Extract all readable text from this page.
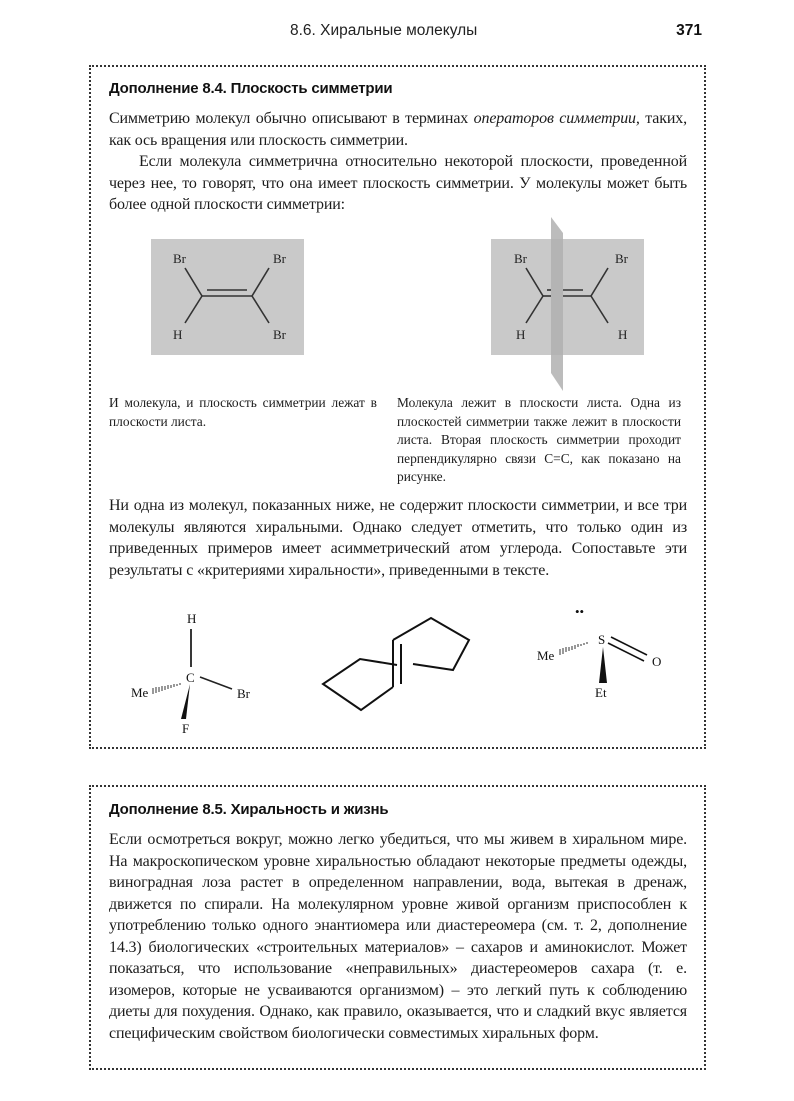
8.6. Хиральные молекулы	371
Дополнение 8.4. Плоскость симметрии
Симметрию молекул обычно описывают в терминах операторов симметрии, таких, как ось вращения или плоскость симметрии.
Если молекула симметрична относительно некоторой плоскости, проведенной через нее, то говорят, что она имеет плоскость симметрии. У молекулы может быть более одной плоскости симметрии:
Br	Br
H	Br
Br	Br
H	H
И молекула, и плоскость симметрии лежат в плоскости листа.
Молекула лежит в плоскости листа. Одна из плоскостей симметрии также лежит в плоскости листа. Вторая плоскость симметрии проходит перпендикулярно связи C=C, как показано на рисунке.
Ни одна из молекул, показанных ниже, не содержит плоскости симметрии, и все три молекулы являются хиральными. Однако следует отметить, что только один из приведенных примеров имеет асимметрический атом углерода. Сопоставьте эти результаты с «критериями хиральности», приведенными в тексте.
H
C
Me	Br
F
••
S
Me	O
Et
Дополнение 8.5. Хиральность и жизнь
Если осмотреться вокруг, можно легко убедиться, что мы живем в хиральном мире. На макроскопическом уровне хиральностью обладают некоторые предметы одежды, виноградная лоза растет в определенном направлении, вода, вытекая в дренаж, движется по спирали. На молекулярном уровне живой организм приспособлен к употреблению только одного энантиомера или диастереомера (см. т. 2, дополнение 14.3) биологических «строительных материалов» – сахаров и аминокислот. Может показаться, что использование «неправильных» диастереомеров сахара (т. е. изомеров, которые не усваиваются организмом) – это легкий путь к соблюдению диеты для похудения. Однако, как правило, оказывается, что и сладкий вкус является специфическим свойством биологически совместимых хиральных форм.
